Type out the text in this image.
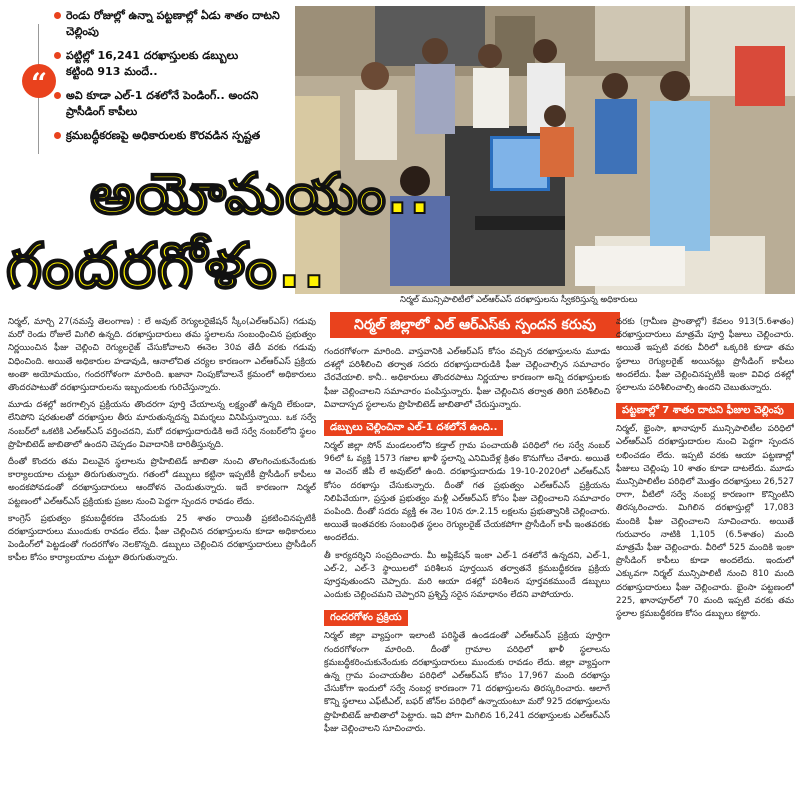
“
రెండు రోజుల్లో ఉన్నా పట్టణాల్లో ఏడు శాతం దాటని చెల్లింపు
పట్టిల్లో 16,241 దరఖాస్తులకు డబ్బులు కట్టింది 913 మందే..
అవి కూడా ఎల్-1 దశలోనే పెండింగ్.. అందని ప్రాసీడింగ్ కాపీలు
క్రమబద్ధీకరణపై అధికారులకు కొరవడిన స్పష్టత
నిర్మల్ మున్సిపాలిటీలో ఎల్ఆర్ఎస్ దరఖాస్తులను స్వీకరిస్తున్న అధికారులు
అయోమయం..
గందరగోళం..
నిర్మల్ జిల్లాలో ఎల్ ఆర్ఎస్‌కు స్పందన కరువు

నిర్మల్, మార్చి 27(నమస్తే తెలంగాణ) : లే అవుట్ రెగ్యులరైజేషన్ స్కీం(ఎల్ఆర్ఎస్) గడువు మరో రెండు రోజులే మిగిలి ఉన్నది. దరఖాస్తుదారులు తమ స్థలాలను సంబంధించిన ప్రభుత్వం నిర్ణయించిన ఫీజు చెల్లించి రెగ్యులరైజ్ చేసుకోవాలని ఈనెల 30వ తేదీ వరకు గడువు విధించింది. అయితే అధికారుల హడావుడి, ఆనాలోచిత చర్యల కారణంగా ఎల్ఆర్ఎస్ ప్రక్రియ అంతా అయోమయం, గందరగోళంగా మారింది. ఖజానా నింపుకోవాలనే క్రమంలో అధికారులు తొందరపాటుతో దరఖాస్తుదారులను ఇబ్బందులకు గురిచేస్తున్నారు.

మూడు దశల్లో జరగాల్సిన ప్రక్రియను తొందరగా పూర్తి చేయాలన్న లక్ష్యంతో ఉన్నది లేకుండా, లేనిపోని షరతులతో దరఖాస్తుల తీరు మారుతున్నదన్న విమర్శలు వినిపిస్తున్నాయి. ఒక సర్వే నంబర్‌లో ఒకటికి ఎల్ఆర్ఎస్ వర్తించదని, మరో దరఖాస్తుదారుడికి అదే సర్వే నంబర్‌లోని స్థలం ప్రొహిబిటెడ్ జాబితాలో ఉందని చెప్పడం వివాదానికి దారితీస్తున్నది.

దీంతో కొందరు తమ విలువైన స్థలాలను ప్రొహిబిటెడ్ జాబితా నుంచి తొలగించుకునేందుకు కార్యాలయాల చుట్టూ తిరుగుతున్నారు. గతంలో డబ్బులు కట్టినా ఇప్పటికీ ప్రొసీడింగ్ కాపీలు అందకపోవడంతో దరఖాస్తుదారులు ఆందోళన చెందుతున్నారు. ఇదే కారణంగా నిర్మల్ పట్టణంలో ఎల్ఆర్ఎస్ ప్రక్రియకు ప్రజల నుంచి పెద్దగా స్పందన రావడం లేదు.

కాంగ్రెస్ ప్రభుత్వం క్రమబద్ధీకరణ చేసేందుకు 25 శాతం రాయితీ ప్రకటించినప్పటికీ దరఖాస్తుదారులు ముందుకు రావడం లేదు. ఫీజు చెల్లించిన దరఖాస్తులను కూడా అధికారులు పెండింగ్‌లో పెట్టడంతో గందరగోళం నెలకొన్నది. డబ్బులు చెల్లించిన దరఖాస్తుదారులు ప్రొసీడింగ్ కాపీల కోసం కార్యాలయాల చుట్టూ తిరుగుతున్నారు.

గందరగోళంగా మారింది. వాస్తవానికి ఎల్ఆర్ఎస్ కోసం వచ్చిన దరఖాస్తులను మూడు దశల్లో పరిశీలించి తర్వాత సదరు దరఖాస్తుదారుడికి ఫీజు చెల్లించాల్సిన సమాచారం చేరవేయాలి. కానీ.. అధికారులు తొందరపాటు నిర్ణయాల కారణంగా అన్ని దరఖాస్తులకు ఫీజు చెల్లించాలని సమాచారం పంపిస్తున్నారు. ఫీజు చెల్లించిన తర్వాత తిరిగి పరిశీలించి వివాదాస్పద స్థలాలను ప్రొహిబిటెడ్ జాబితాలో చేరుస్తున్నారు.

డబ్బులు చెల్లించినా ఎల్-1 దశలోనే ఉంది..

నిర్మల్ జిల్లా సోన్ మండలంలోని కడ్తాల్ గ్రామ పంచాయతీ పరిధిలో గల సర్వే నంబర్ 96లో ఓ వ్యక్తి 1573 గజాల ఖాళీ స్థలాన్ని ఎనిమిదేళ్ల క్రితం కొనుగోలు చేశారు. అయితే ఆ వెంచర్ జీపీ లే అవుట్‌లో ఉంది. దరఖాస్తుదారుడు 19-10-2020లో ఎల్ఆర్ఎస్ కోసం దరఖాస్తు చేసుకున్నారు. దీంతో గత ప్రభుత్వం ఎల్ఆర్ఎస్ ప్రక్రియను నిలిపివేయగా, ప్రస్తుత ప్రభుత్వం మళ్లీ ఎల్ఆర్ఎస్ కోసం ఫీజు చెల్లించాలని సమాచారం పంపింది. దీంతో సదరు వ్యక్తి ఈ నెల 10న రూ.2.15 లక్షలను ప్రభుత్వానికి చెల్లించారు. అయితే ఇంతవరకు సంబంధిత స్థలం రెగ్యులరైజ్ చేయకపోగా ప్రొసీడింగ్ కాపీ ఇంతవరకు అందలేదు.

తీ కార్యదర్శిని సంప్రదించారు. మీ అప్లికేషన్ ఇంకా ఎల్-1 దశలోనే ఉన్నదని, ఎల్-1, ఎల్-2, ఎల్-3 స్థాయిలలో పరిశీలన పూర్తయిన తర్వాతనే క్రమబద్ధీకరణ ప్రక్రియ పూర్తవుతుందని చెప్పారు. మరి ఆయా దశల్లో పరిశీలన పూర్తవకముందే డబ్బులు ఎందుకు చెల్లించమని చెప్పారని ప్రశ్నిస్తే సరైన సమాధానం లేదని వాపోయారు.

గందరగోళం ప్రక్రియ

నిర్మల్ జిల్లా వ్యాప్తంగా ఇలాంటి పరిస్థితే ఉండడంతో ఎల్ఆర్ఎస్ ప్రక్రియ పూర్తిగా గందరగోళంగా మారింది. దీంతో గ్రామాల పరిధిలో ఖాళీ స్థలాలను క్రమబద్ధీకరించుకునేందుకు దరఖాస్తుదారులు ముందుకు రావడం లేదు. జిల్లా వ్యాప్తంగా ఉన్న గ్రామ పంచాయతీల పరిధిలో ఎల్ఆర్ఎస్ కోసం 17,967 మంది దరఖాస్తు చేసుకోగా ఇందులో సర్వే నంబర్ల కారణంగా 71 దరఖాస్తులను తిరస్కరించారు. ఆలాగే కొన్ని స్థలాలు ఎఫ్‌టీఎల్, బఫర్ జోన్‌ల పరిధిలో ఉన్నాయంటూ మరో 925 దరఖాస్తులను ప్రొహిబిటెడ్ జాబితాలో పెట్టారు. ఇవి పోగా మిగిలిన 16,241 దరఖాస్తులకు ఎల్ఆర్ఎస్ ఫీజు చెల్లించాలని సూచించారు.

వరకు (గ్రామీణ ప్రాంతాల్లో) కేవలం 913(5.6శాతం) దరఖాస్తుదారులు మాత్రమే పూర్తి ఫీజులు చెల్లించారు. అయితే ఇప్పటి వరకు వీరిలో ఒక్కరికి కూడా తమ స్థలాలు రెగ్యులరైజ్ అయినట్లు ప్రొసీడింగ్ కాపీలు అందలేదు. ఫీజు చెల్లించినప్పటికీ ఇంకా వివిధ దశల్లో స్థలాలను పరిశీలించాల్సి ఉందని చెబుతున్నారు.

పట్టణాల్లో 7 శాతం దాటని ఫీజుల చెల్లింపు

నిర్మల్, భైంసా, ఖానాపూర్ మున్సిపాలిటీల పరిధిలో ఎల్ఆర్ఎస్ దరఖాస్తుదారుల నుంచి పెద్దగా స్పందన లభించడం లేదు. ఇప్పటి వరకు ఆయా పట్టణాల్లో ఫీజులు చెల్లింపు 10 శాతం కూడా దాటలేదు. మూడు మున్సిపాలిటీల పరిధిలో మొత్తం దరఖాస్తులు 26,527 రాగా, వీటిలో సర్వే నంబర్ల కారణంగా కొన్నింటిని తిరస్కరించారు. మిగిలిన దరఖాస్తుల్లో 17,083 మందికి ఫీజు చెల్లించాలని సూచించారు. అయితే గురువారం నాటికి 1,105 (6.5శాతం) మంది మాత్రమే ఫీజు చెల్లించారు. వీరిలో 525 మందికి ఇంకా ప్రొసీడింగ్ కాపీలు కూడా అందలేదు. ఇందులో ఎక్కువగా నిర్మల్ మున్సిపాలిటీ నుంచి 810 మంది దరఖాస్తుదారులు ఫీజు చెల్లించారు. భైంసా పట్టణంలో 225, ఖానాపూర్‌లో 70 మంది ఇప్పటి వరకు తమ స్థలాల క్రమబద్ధీకరణ కోసం డబ్బులు కట్టారు.
